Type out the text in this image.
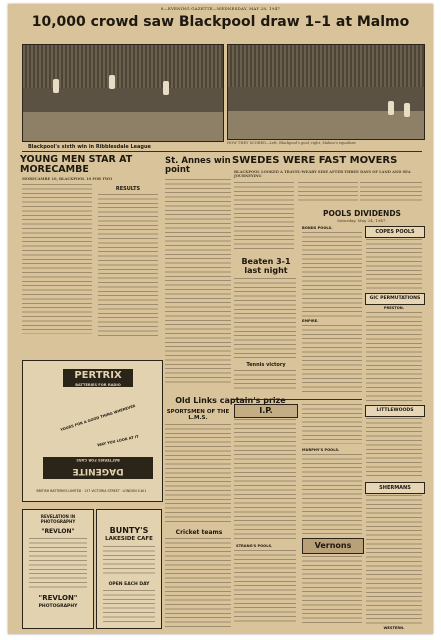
8—EVENING GAZETTE—WEDNESDAY, MAY 28, 1947
10,000 crowd saw Blackpool draw 1–1 at Malmo
Blackpool's sixth win in Ribblesdale League
HOW THEY SCORED—Left, Blackpool's goal; right, Malmo's equaliser.
YOUNG MEN STAR AT MORECAMBE
MORECAMBE 10, BLACKPOOL 10 FOR TWO
RESULTS
St. Annes win point
SWEDES WERE FAST MOVERS
BLACKPOOL LOOKED A TRAVEL-WEARY SIDE AFTER THREE DAYS OF LAND AND SEA JOURNEYING
Beaten 3-1 last night
Tennis victory
POOLS DIVIDENDS
Saturday, May 24, 1947.
BONDS POOLS.
EMPIRE.
COPES POOLS
GIC PERMUTATIONS
PRESTON.
I.P.
MURPHY'S POOLS.
LITTLEWOODS
SHERMANS
STRANG'S POOLS.	Vernons
WESTERN.
PERTRIX
BATTERIES FOR RADIO
YOURS FOR A GOOD THING WHEREVER
WAY YOU LOOK AT IT
DAGENITE
BATTERIES FOR CARS
BRITISH BATTERIES LIMITED · 137 VICTORIA STREET · LONDON S.W.1
Old Links captain's prize
SPORTSMEN OF THE L.M.S.
Cricket teams
REVELATION IN PHOTOGRAPHY
"REVLON"
"REVLON"
PHOTOGRAPHY
BUNTY'S
LAKESIDE CAFE
OPEN EACH DAY
